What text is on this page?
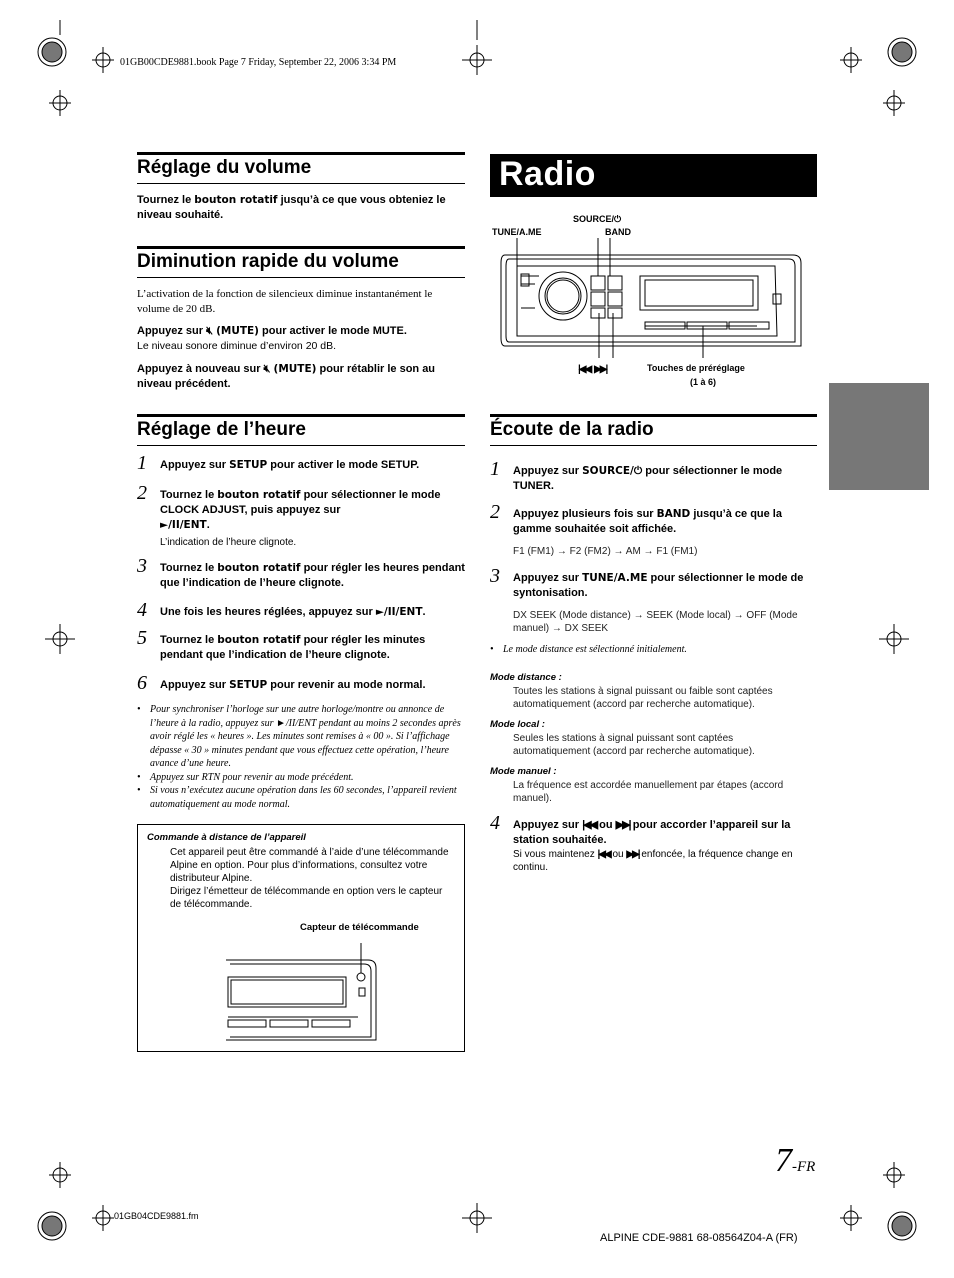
01GB00CDE9881.book Page 7 Friday, September 22, 2006 3:34 PM
Réglage du volume
Tournez le bouton rotatif jusqu’à ce que vous obteniez le niveau souhaité.
Diminution rapide du volume
L’activation de la fonction de silencieux diminue instantanément le volume de 20 dB.
Appuyez sur 🔇︎ (MUTE) pour activer le mode MUTE.
Le niveau sonore diminue d’environ 20 dB.
Appuyez à nouveau sur 🔇︎ (MUTE) pour rétablir le son au niveau précédent.
Réglage de l’heure
1 Appuyez sur SETUP pour activer le mode SETUP.
2 Tournez le bouton rotatif pour sélectionner le mode CLOCK ADJUST, puis appuyez sur
►/II/ENT.
L’indication de l’heure clignote.
3 Tournez le bouton rotatif pour régler les heures pendant que l’indication de l’heure clignote.
4 Une fois les heures réglées, appuyez sur ►/II/ENT.
5 Tournez le bouton rotatif pour régler les minutes pendant que l’indication de l’heure clignote.
6 Appuyez sur SETUP pour revenir au mode normal.
• Pour synchroniser l’horloge sur une autre horloge/montre ou annonce de l’heure à la radio, appuyez sur ►/II/ENT pendant au moins 2 secondes après avoir réglé les « heures ». Les minutes sont remises à « 00 ». Si l’affichage dépasse « 30 » minutes pendant que vous effectuez cette opération, l’heure avance d’une heure.
• Appuyez sur RTN pour revenir au mode précédent.
• Si vous n’exécutez aucune opération dans les 60 secondes, l’appareil revient automatiquement au mode normal.
Commande à distance de l’appareil
Cet appareil peut être commandé à l’aide d’une télécommande Alpine en option. Pour plus d’informations, consultez votre distributeur Alpine.
Dirigez l’émetteur de télécommande en option vers le capteur de télécommande.
Capteur de télécommande
Radio
SOURCE/⏻
TUNE/A.ME	BAND
|◀◀ ▶▶|	Touches de préréglage
(1 à 6)
Écoute de la radio
1 Appuyez sur SOURCE/⏻ pour sélectionner le mode TUNER.
2 Appuyez plusieurs fois sur BAND jusqu’à ce que la gamme souhaitée soit affichée.
F1 (FM1) → F2 (FM2) → AM → F1 (FM1)
3 Appuyez sur TUNE/A.ME pour sélectionner le mode de syntonisation.
DX SEEK (Mode distance) → SEEK (Mode local) → OFF (Mode manuel) → DX SEEK
• Le mode distance est sélectionné initialement.
Mode distance :
Toutes les stations à signal puissant ou faible sont captées automatiquement (accord par recherche automatique).
Mode local :
Seules les stations à signal puissant sont captées automatiquement (accord par recherche automatique).
Mode manuel :
La fréquence est accordée manuellement par étapes (accord manuel).
4 Appuyez sur |◀◀ ou ▶▶| pour accorder l’appareil sur la station souhaitée.
Si vous maintenez |◀◀ ou ▶▶| enfoncée, la fréquence change en continu.
7-FR
01GB04CDE9881.fm
ALPINE CDE-9881 68-08564Z04-A (FR)
